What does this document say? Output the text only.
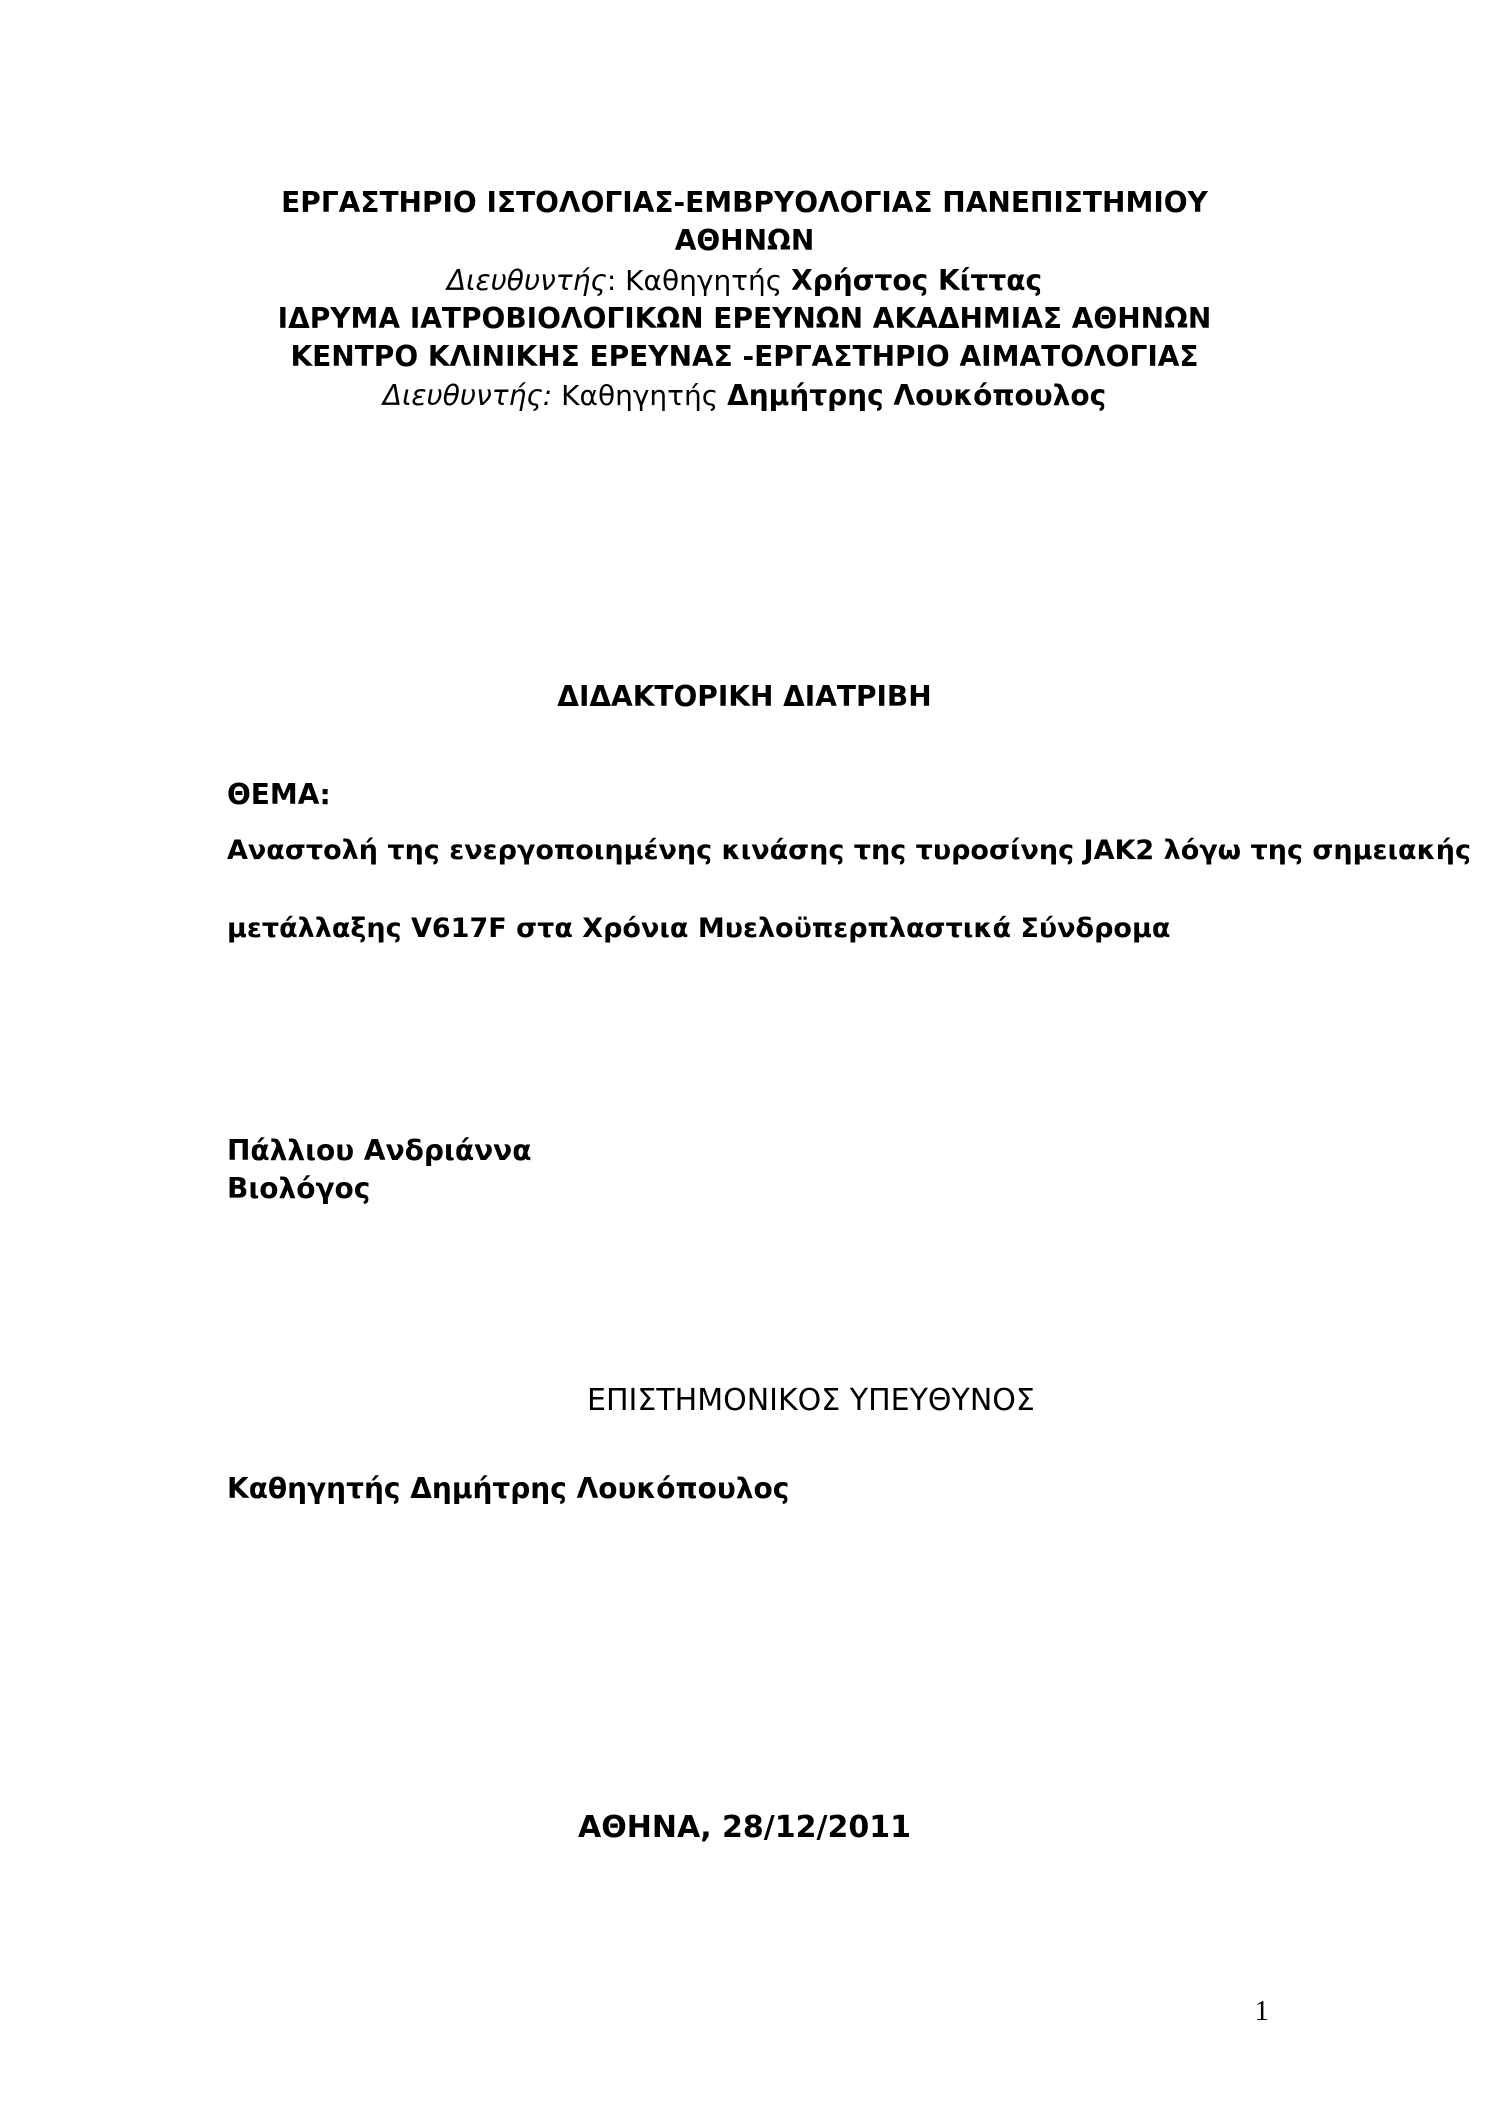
ΕΡΓΑΣΤΗΡΙΟ ΙΣΤΟΛΟΓΙΑΣ-ΕΜΒΡΥΟΛΟΓΙΑΣ ΠΑΝΕΠΙΣΤΗΜΙΟΥ
ΑΘΗΝΩΝ
Διευθυντής: Καθηγητής Χρήστος Κίττας
ΙΔΡΥΜΑ ΙΑΤΡΟΒΙΟΛΟΓΙΚΩΝ ΕΡΕΥΝΩΝ ΑΚΑΔΗΜΙΑΣ ΑΘΗΝΩΝ
ΚΕΝΤΡΟ ΚΛΙΝΙΚΗΣ ΕΡΕΥΝΑΣ -ΕΡΓΑΣΤΗΡΙΟ ΑΙΜΑΤΟΛΟΓΙΑΣ
Διευθυντής: Καθηγητής Δημήτρης Λουκόπουλος
ΔΙΔΑΚΤΟΡΙΚΗ ΔΙΑΤΡΙΒΗ
ΘΕΜΑ:
Αναστολή της ενεργοποιημένης κινάσης της τυροσίνης JAK2 λόγω της σημειακής
μετάλλαξης V617F στα Χρόνια Μυελοϋπερπλαστικά Σύνδρομα
Πάλλιου Ανδριάννα
Βιολόγος
ΕΠΙΣΤΗΜΟΝΙΚΟΣ ΥΠΕΥΘΥΝΟΣ
Καθηγητής Δημήτρης Λουκόπουλος
ΑΘΗΝΑ, 28/12/2011
1
